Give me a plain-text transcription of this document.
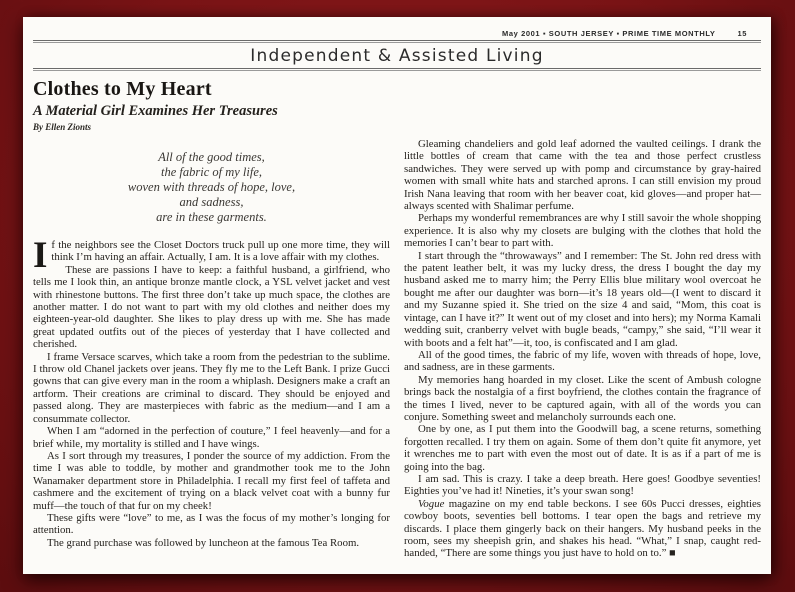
May 2001 ▪ SOUTH JERSEY ▪ PRIME TIME MONTHLY	15
Independent & Assisted Living
Clothes to My Heart
A Material Girl Examines Her Treasures
By Ellen Zionts
All of the good times,
the fabric of my life,
woven with threads of hope, love,
and sadness,
are in these garments.

If the neighbors see the Closet Doctors truck pull up one more time, they will think I’m having an affair. Actually, I am. It is a love affair with my clothes.

These are passions I have to keep: a faithful husband, a girlfriend, who tells me I look thin, an antique bronze mantle clock, a YSL velvet jacket and vest with rhinestone buttons. The first three don’t take up much space, the clothes are another matter. I do not want to part with my old clothes and neither does my eighteen-year-old daughter. She likes to play dress up with me. She has made great updated outfits out of the pieces of yesterday that I have collected and cherished.

I frame Versace scarves, which take a room from the pedestrian to the sublime. I throw old Chanel jackets over jeans. They fly me to the Left Bank. I prize Gucci gowns that can give every man in the room a whiplash. Designers make a craft an artform. Their creations are criminal to discard. They should be enjoyed and passed along. They are masterpieces with fabric as the medium—and I am a consummate collector.

When I am “adorned in the perfection of couture,” I feel heavenly—and for a brief while, my mortality is stilled and I have wings.

As I sort through my treasures, I ponder the source of my addiction. From the time I was able to toddle, by mother and grandmother took me to the John Wanamaker department store in Philadelphia. I recall my first feel of taffeta and cashmere and the excitement of trying on a black velvet coat with a bunny fur muff—the touch of that fur on my cheek!

These gifts were “love” to me, as I was the focus of my mother’s longing for attention.

The grand purchase was followed by luncheon at the famous Tea Room.

Gleaming chandeliers and gold leaf adorned the vaulted ceilings. I drank the little bottles of cream that came with the tea and those perfect crustless sandwiches. They were served up with pomp and circumstance by gray-haired women with small white hats and starched aprons. I can still envision my proud Irish Nana leaving that room with her beaver coat, kid gloves—and proper hat—always scented with Shalimar perfume.

Perhaps my wonderful remembrances are why I still savoir the whole shopping experience. It is also why my closets are bulging with the clothes that hold the memories I can’t bear to part with.

I start through the “throwaways” and I remember: The St. John red dress with the patent leather belt, it was my lucky dress, the dress I bought the day my husband asked me to marry him; the Perry Ellis blue military wool overcoat he bought me after our daughter was born—it’s 18 years old—(I went to discard it and my Suzanne spied it. She tried on the size 4 and said, “Mom, this coat is vintage, can I have it?” It went out of my closet and into hers); my Norma Kamali wedding suit, cranberry velvet with bugle beads, “campy,” she said, “I’ll wear it with boots and a felt hat”—it, too, is confiscated and I am glad.

All of the good times, the fabric of my life, woven with threads of hope, love, and sadness, are in these garments.

My memories hang hoarded in my closet. Like the scent of Ambush cologne brings back the nostalgia of a first boyfriend, the clothes contain the fragrance of the times I lived, never to be captured again, with all of the words you can conjure. Something sweet and melancholy surrounds each one.

One by one, as I put them into the Goodwill bag, a scene returns, something forgotten recalled. I try them on again. Some of them don’t quite fit anymore, yet it wrenches me to part with even the most out of date. It is as if a part of me is going into the bag.

I am sad. This is crazy. I take a deep breath. Here goes! Goodbye seventies! Eighties you’ve had it! Nineties, it’s your swan song!

Vogue magazine on my end table beckons. I see 60s Pucci dresses, eighties cowboy boots, seventies bell bottoms. I tear open the bags and retrieve my discards. I place them gingerly back on their hangers. My husband peeks in the room, sees my sheepish grin, and shakes his head. “What,” I snap, caught red-handed, “There are some things you just have to hold on to.” ■
